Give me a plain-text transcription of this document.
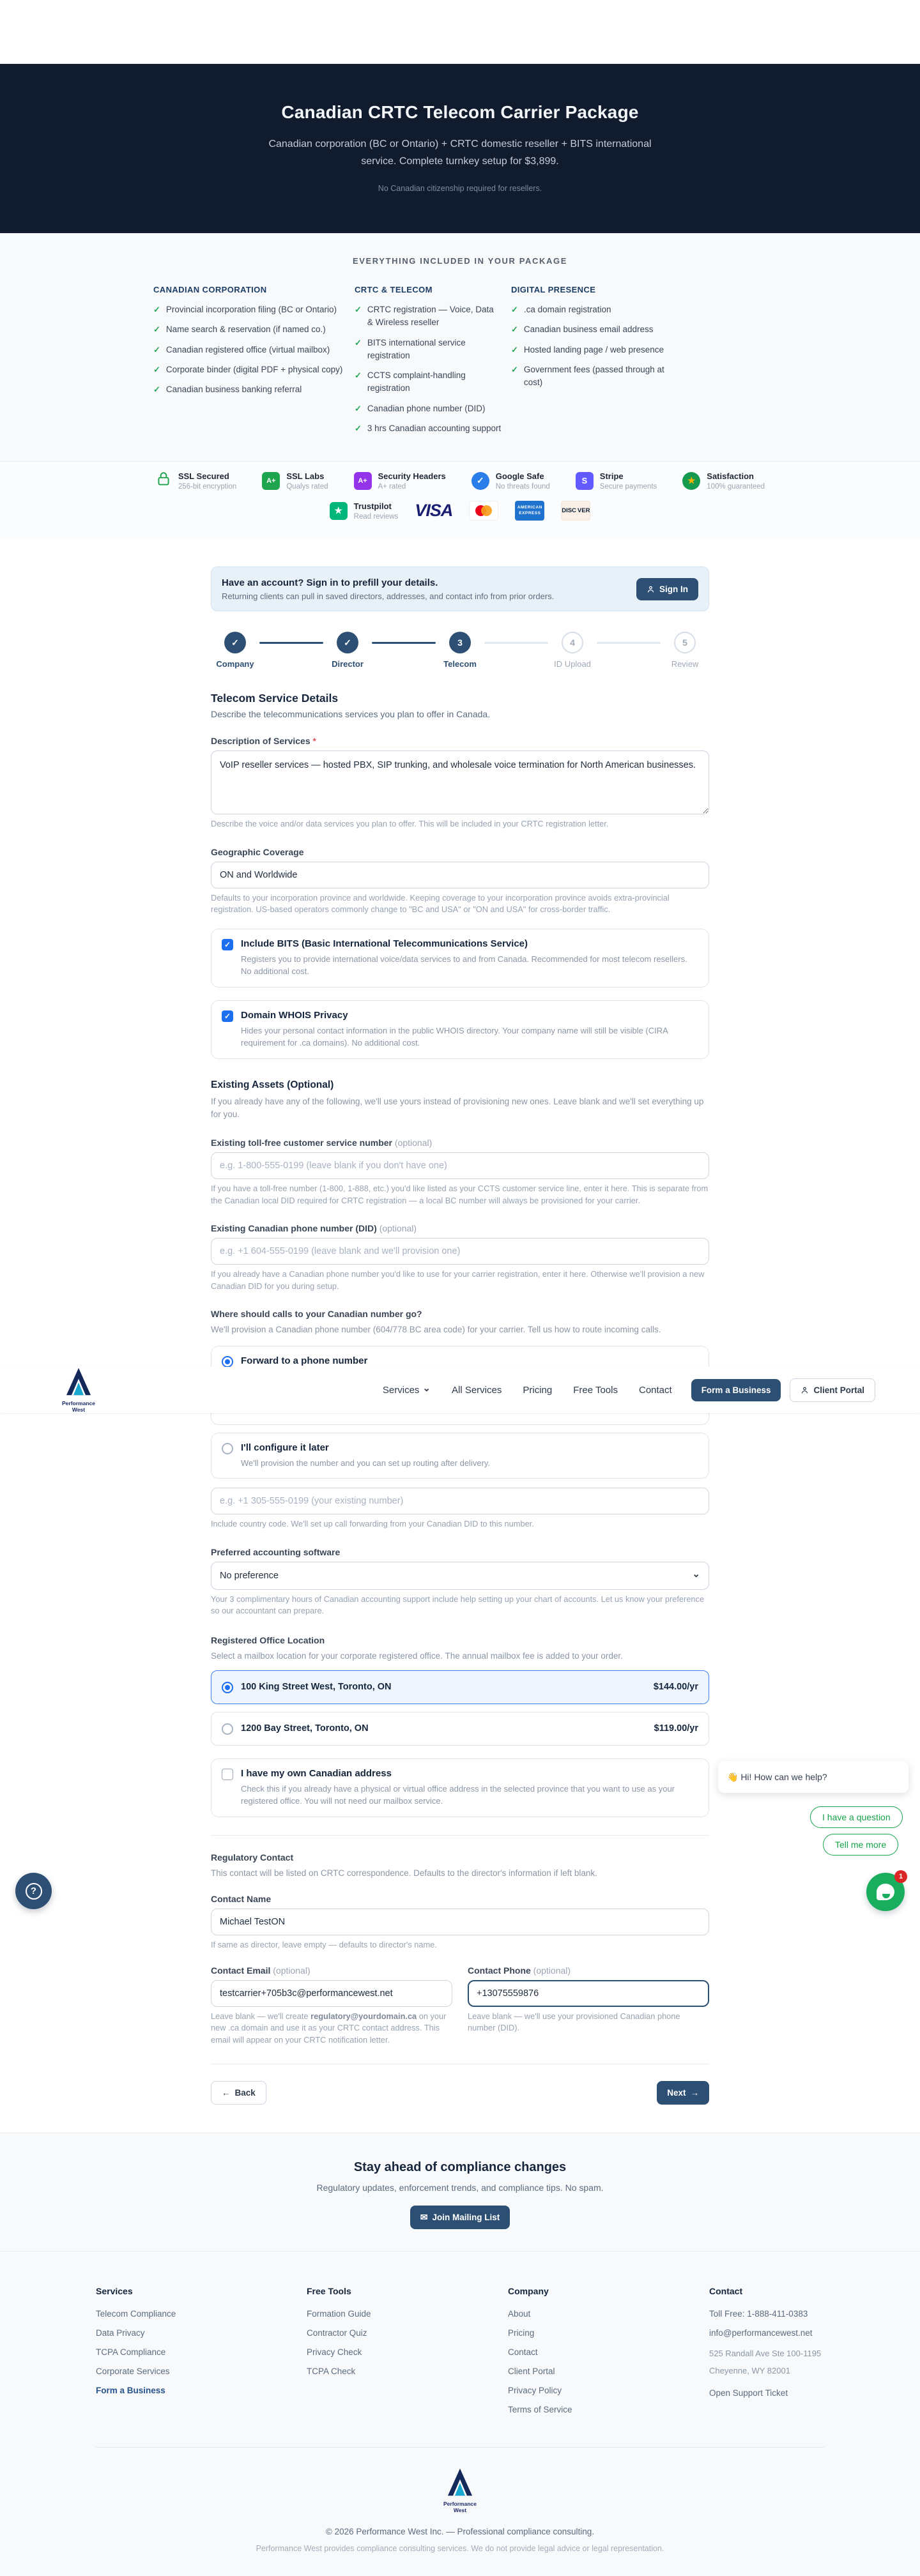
Canadian CRTC Telecom Carrier Package
Canadian corporation (BC or Ontario) + CRTC domestic reseller + BITS international service. Complete turnkey setup for $3,899.
No Canadian citizenship required for resellers.
EVERYTHING INCLUDED IN YOUR PACKAGE
CANADIAN CORPORATION
✓
Provincial incorporation filing (BC or Ontario)
✓
Name search & reservation (if named co.)
✓
Canadian registered office (virtual mailbox)
✓
Corporate binder (digital PDF + physical copy)
✓
Canadian business banking referral
CRTC & TELECOM
✓
CRTC registration — Voice, Data & Wireless reseller
✓
BITS international service registration
✓
CCTS complaint-handling registration
✓
Canadian phone number (DID)
✓
3 hrs Canadian accounting support
DIGITAL PRESENCE
✓
.ca domain registration
✓
Canadian business email address
✓
Hosted landing page / web presence
✓
Government fees (passed through at cost)
SSL Secured
256-bit encryption
A+	SSL Labs
Qualys rated
A+	Security Headers
A+ rated
✓
Google Safe
No threats found
S	Stripe
Secure payments
★
Satisfaction
100% guaranteed
★
Trustpilot
Read reviews VISA	AMERICAN
EXPRESS	DISC VER
Have an account? Sign in to prefill your details.
Returning clients can pull in saved directors, addresses, and contact info from prior orders.
Sign In
✓	✓	3	4	5
Company	Director	Telecom	ID Upload	Review
Telecom Service Details
Describe the telecommunications services you plan to offer in Canada.
Description of Services *
VoIP reseller services — hosted PBX, SIP trunking, and wholesale voice termination for North American businesses.
Describe the voice and/or data services you plan to offer. This will be included in your CRTC registration letter.
Geographic Coverage
ON and Worldwide
Defaults to your incorporation province and worldwide. Keeping coverage to your incorporation province avoids extra-provincial registration. US-based operators commonly change to "BC and USA" or "ON and USA" for cross-border traffic.
✓
Include BITS (Basic International Telecommunications Service)
Registers you to provide international voice/data services to and from Canada. Recommended for most telecom resellers. No additional cost.
✓
Domain WHOIS Privacy
Hides your personal contact information in the public WHOIS directory. Your company name will still be visible (CIRA requirement for .ca domains). No additional cost.
Existing Assets (Optional)
If you already have any of the following, we'll use yours instead of provisioning new ones. Leave blank and we'll set everything up for you.
Existing toll-free customer service number (optional)
e.g. 1-800-555-0199 (leave blank if you don't have one)
If you have a toll-free number (1-800, 1-888, etc.) you'd like listed as your CCTS customer service line, enter it here. This is separate from the Canadian local DID required for CRTC registration — a local BC number will always be provisioned for your carrier.
Existing Canadian phone number (DID) (optional)
e.g. +1 604-555-0199 (leave blank and we'll provision one)
If you already have a Canadian phone number you'd like to use for your carrier registration, enter it here. Otherwise we'll provision a new Canadian DID for you during setup.
Where should calls to your Canadian number go?
We'll provision a Canadian phone number (604/778 BC area code) for your carrier. Tell us how to route incoming calls.
Forward to a phone number
I'll configure it later
We'll provision the number and you can set up routing after delivery.
e.g. +1 305-555-0199 (your existing number)
Include country code. We'll set up call forwarding from your Canadian DID to this number.
Preferred accounting software
No preference
⌄
Your 3 complimentary hours of Canadian accounting support include help setting up your chart of accounts. Let us know your preference so our accountant can prepare.
Registered Office Location
Select a mailbox location for your corporate registered office. The annual mailbox fee is added to your order.
100 King Street West, Toronto, ON	$144.00/yr
1200 Bay Street, Toronto, ON	$119.00/yr
I have my own Canadian address
Check this if you already have a physical or virtual office address in the selected province that you want to use as your registered office. You will not need our mailbox service.
Regulatory Contact
This contact will be listed on CRTC correspondence. Defaults to the director's information if left blank.
Contact Name
Michael TestON
If same as director, leave empty — defaults to director's name.
Contact Email (optional)
testcarrier+705b3c@performancewest.net
Leave blank — we'll create regulatory@yourdomain.ca on your new .ca domain and use it as your CRTC contact address. This email will appear on your CRTC notification letter.
Contact Phone (optional)
+13075559876
Leave blank — we'll use your provisioned Canadian phone number (DID).
←
Back	Next
→
Performance West
Services ⌄	All Services Pricing Free Tools Contact	Form a Business	Client Portal
Stay ahead of compliance changes

Regulatory updates, enforcement trends, and compliance tips. No spam.

✉
Join Mailing List
Services
Telecom Compliance
Data Privacy
TCPA Compliance
Corporate Services
Form a Business
Free Tools
Formation Guide
Contractor Quiz
Privacy Check
TCPA Check
Company
About
Pricing
Contact
Client Portal
Privacy Policy
Terms of Service
Contact
Toll Free: 1-888-411-0383
info@performancewest.net
525 Randall Ave Ste 100-1195
Cheyenne, WY 82001
Open Support Ticket
Performance West
© 2026 Performance West Inc. — Professional compliance consulting.
Performance West provides compliance consulting services. We do not provide legal advice or legal representation.
👋 Hi! How can we help?
I have a question
Tell me more
1
?
